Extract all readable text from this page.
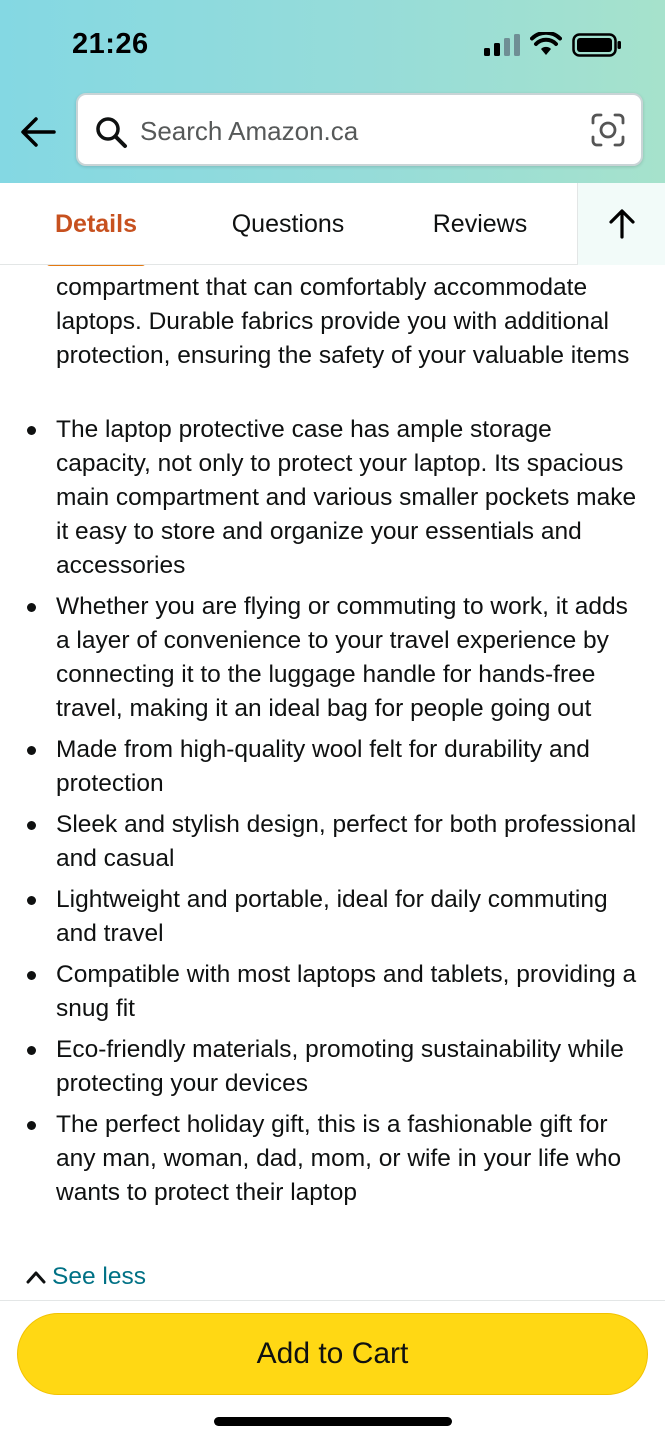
21:26
Search Amazon.ca
Details	Questions	Reviews
compartment that can comfortably accommodate laptops. Durable fabrics provide you with additional protection, ensuring the safety of your valuable items
The laptop protective case has ample storage capacity, not only to protect your laptop. Its spacious main compartment and various smaller pockets make it easy to store and organize your essentials and accessories
Whether you are flying or commuting to work, it adds a layer of convenience to your travel experience by connecting it to the luggage handle for hands-free travel, making it an ideal bag for people going out
Made from high-quality wool felt for durability and protection
Sleek and stylish design, perfect for both professional and casual
Lightweight and portable, ideal for daily commuting and travel
Compatible with most laptops and tablets, providing a snug fit
Eco-friendly materials, promoting sustainability while protecting your devices
The perfect holiday gift, this is a fashionable gift for any man, woman, dad, mom, or wife in your life who wants to protect their laptop
See less
Add to Cart
